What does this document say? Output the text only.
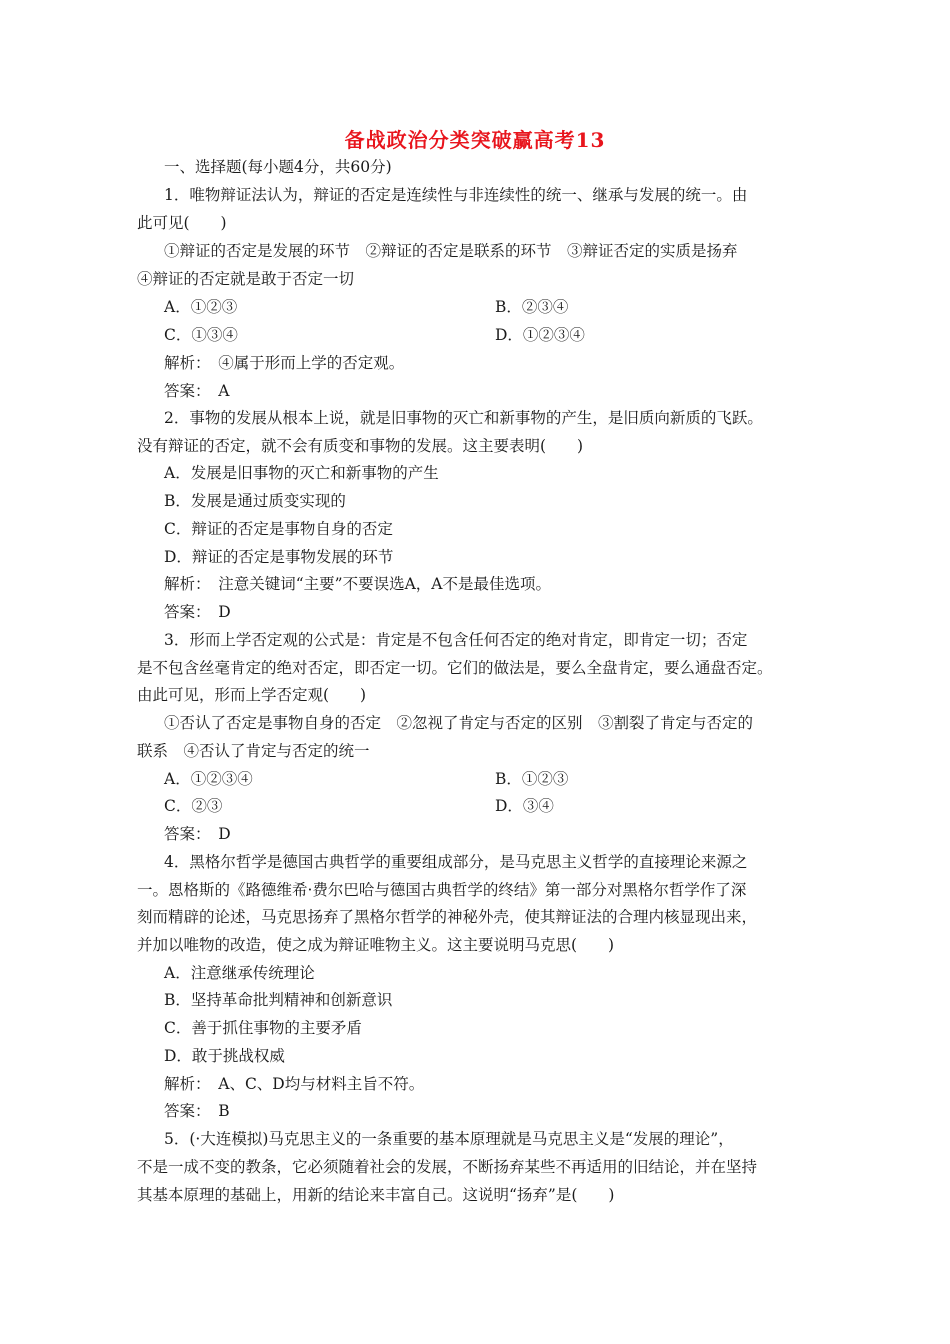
备战政治分类突破赢高考13
一、选择题(每小题4分，共60分)
1．唯物辩证法认为，辩证的否定是连续性与非连续性的统一、继承与发展的统一。由
此可见(　　)
①辩证的否定是发展的环节　②辩证的否定是联系的环节　③辩证否定的实质是扬弃
④辩证的否定就是敢于否定一切
A．①②③	B．②③④
C．①③④	D．①②③④
解析：　④属于形而上学的否定观。
答案：　A
2．事物的发展从根本上说，就是旧事物的灭亡和新事物的产生，是旧质向新质的飞跃。
没有辩证的否定，就不会有质变和事物的发展。这主要表明(　　)
A．发展是旧事物的灭亡和新事物的产生
B．发展是通过质变实现的
C．辩证的否定是事物自身的否定
D．辩证的否定是事物发展的环节
解析：　注意关键词“主要”不要误选A，A不是最佳选项。
答案：　D
3．形而上学否定观的公式是：肯定是不包含任何否定的绝对肯定，即肯定一切；否定
是不包含丝毫肯定的绝对否定，即否定一切。它们的做法是，要么全盘肯定，要么通盘否定。
由此可见，形而上学否定观(　　)
①否认了否定是事物自身的否定　②忽视了肯定与否定的区别　③割裂了肯定与否定的
联系　④否认了肯定与否定的统一
A．①②③④	B．①②③
C．②③	D．③④
答案：　D
4．黑格尔哲学是德国古典哲学的重要组成部分，是马克思主义哲学的直接理论来源之
一。恩格斯的《路德维希·费尔巴哈与德国古典哲学的终结》第一部分对黑格尔哲学作了深
刻而精辟的论述，马克思扬弃了黑格尔哲学的神秘外壳，使其辩证法的合理内核显现出来，
并加以唯物的改造，使之成为辩证唯物主义。这主要说明马克思(　　)
A．注意继承传统理论
B．坚持革命批判精神和创新意识
C．善于抓住事物的主要矛盾
D．敢于挑战权威
解析：　A、C、D均与材料主旨不符。
答案：　B
5．(·大连模拟)马克思主义的一条重要的基本原理就是马克思主义是“发展的理论”，
不是一成不变的教条，它必须随着社会的发展，不断扬弃某些不再适用的旧结论，并在坚持
其基本原理的基础上，用新的结论来丰富自己。这说明“扬弃”是(　　)
